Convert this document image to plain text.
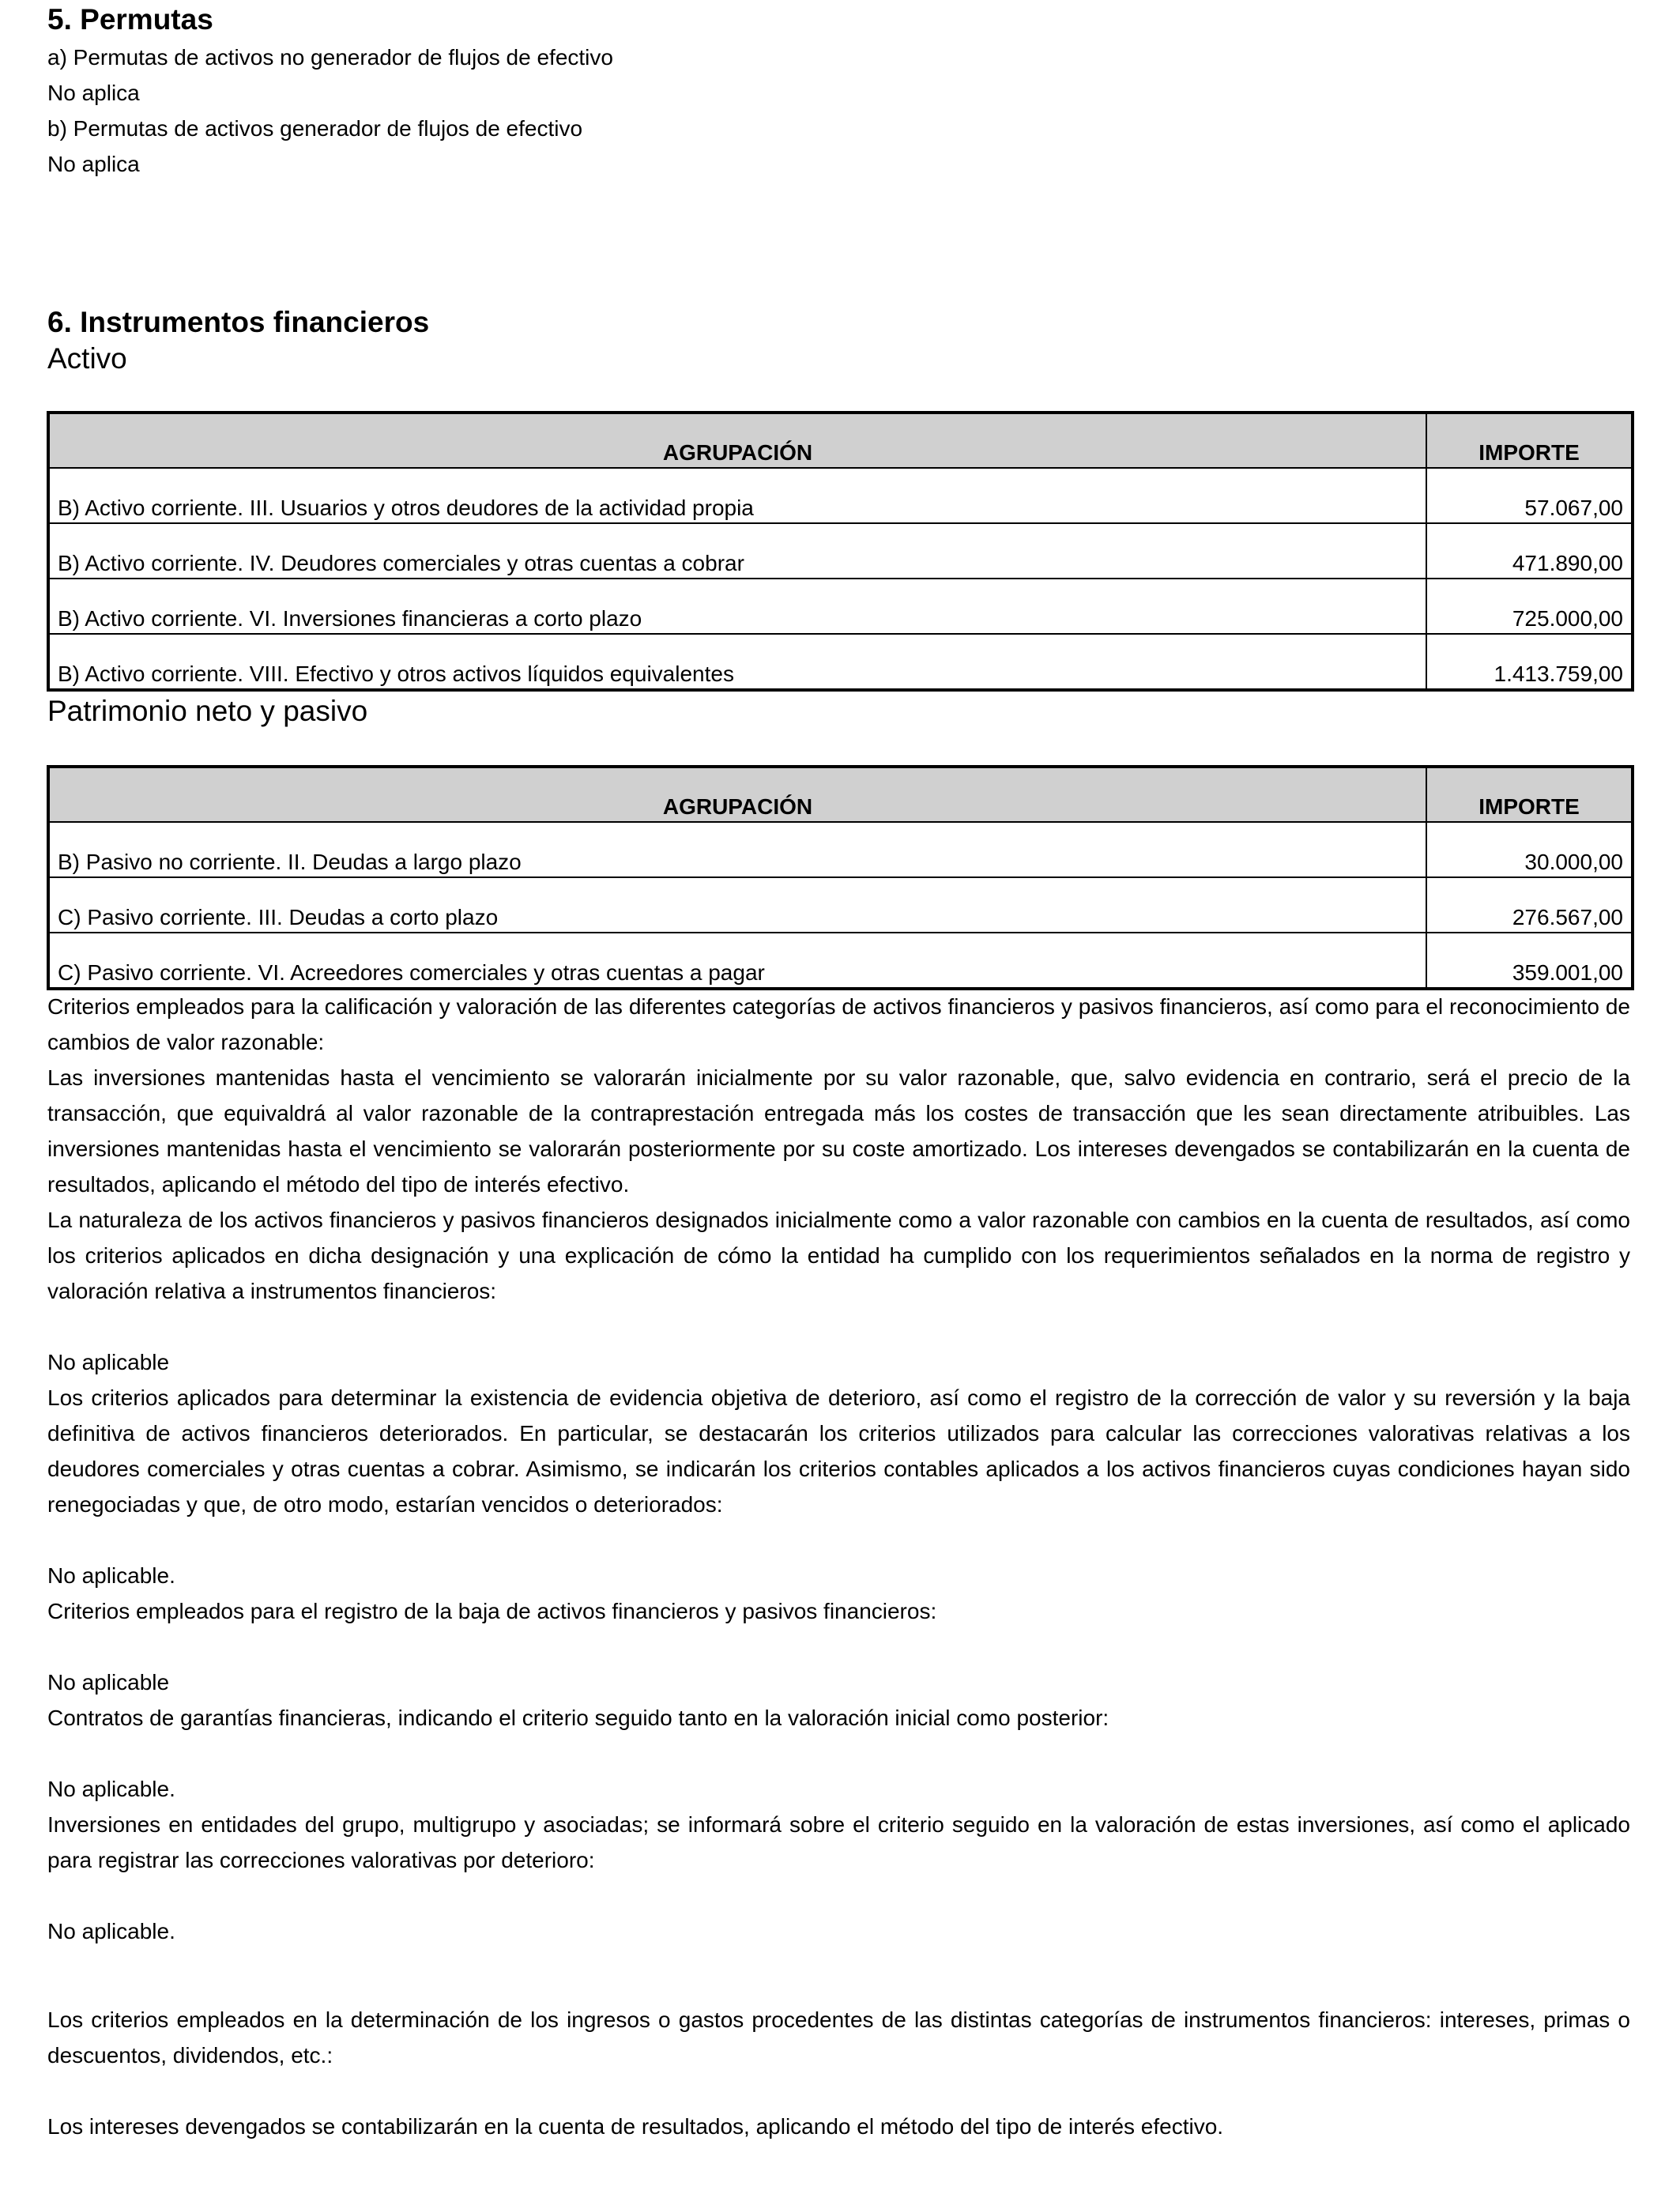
5. Permutas
a) Permutas de activos no generador de flujos de efectivo
No aplica
b) Permutas de activos generador de flujos de efectivo
No aplica
6. Instrumentos financieros
Activo
AGRUPACIÓN	IMPORTE
B) Activo corriente. III. Usuarios y otros deudores de la actividad propia	57.067,00
B) Activo corriente. IV. Deudores comerciales y otras cuentas a cobrar	471.890,00
B) Activo corriente. VI. Inversiones financieras a corto plazo	725.000,00
B) Activo corriente. VIII. Efectivo y otros activos líquidos equivalentes	1.413.759,00
Patrimonio neto y pasivo
AGRUPACIÓN	IMPORTE
B) Pasivo no corriente. II. Deudas a largo plazo	30.000,00
C) Pasivo corriente. III. Deudas a corto plazo	276.567,00
C) Pasivo corriente. VI. Acreedores comerciales y otras cuentas a pagar	359.001,00
Criterios empleados para la calificación y valoración de las diferentes categorías de activos financieros y pasivos financieros, así como para el reconocimiento de cambios de valor razonable:
Las inversiones mantenidas hasta el vencimiento se valorarán inicialmente por su valor razonable, que, salvo evidencia en contrario, será el precio de la transacción, que equivaldrá al valor razonable de la contraprestación entregada más los costes de transacción que les sean directamente atribuibles. Las inversiones mantenidas hasta el vencimiento se valorarán posteriormente por su coste amortizado. Los intereses devengados se contabilizarán en la cuenta de resultados, aplicando el método del tipo de interés efectivo.
La naturaleza de los activos financieros y pasivos financieros designados inicialmente como a valor razonable con cambios en la cuenta de resultados, así como los criterios aplicados en dicha designación y una explicación de cómo la entidad ha cumplido con los requerimientos señalados en la norma de registro y valoración relativa a instrumentos financieros:
No aplicable
Los criterios aplicados para determinar la existencia de evidencia objetiva de deterioro, así como el registro de la corrección de valor y su reversión y la baja definitiva de activos financieros deteriorados. En particular, se destacarán los criterios utilizados para calcular las correcciones valorativas relativas a los deudores comerciales y otras cuentas a cobrar. Asimismo, se indicarán los criterios contables aplicados a los activos financieros cuyas condiciones hayan sido renegociadas y que, de otro modo, estarían vencidos o deteriorados:
No aplicable.
Criterios empleados para el registro de la baja de activos financieros y pasivos financieros:
No aplicable
Contratos de garantías financieras, indicando el criterio seguido tanto en la valoración inicial como posterior:
No aplicable.
Inversiones en entidades del grupo, multigrupo y asociadas; se informará sobre el criterio seguido en la valoración de estas inversiones, así como el aplicado para registrar las correcciones valorativas por deterioro:
No aplicable.
Los criterios empleados en la determinación de los ingresos o gastos procedentes de las distintas categorías de instrumentos financieros: intereses, primas o descuentos, dividendos, etc.:
Los intereses devengados se contabilizarán en la cuenta de resultados, aplicando el método del tipo de interés efectivo.
